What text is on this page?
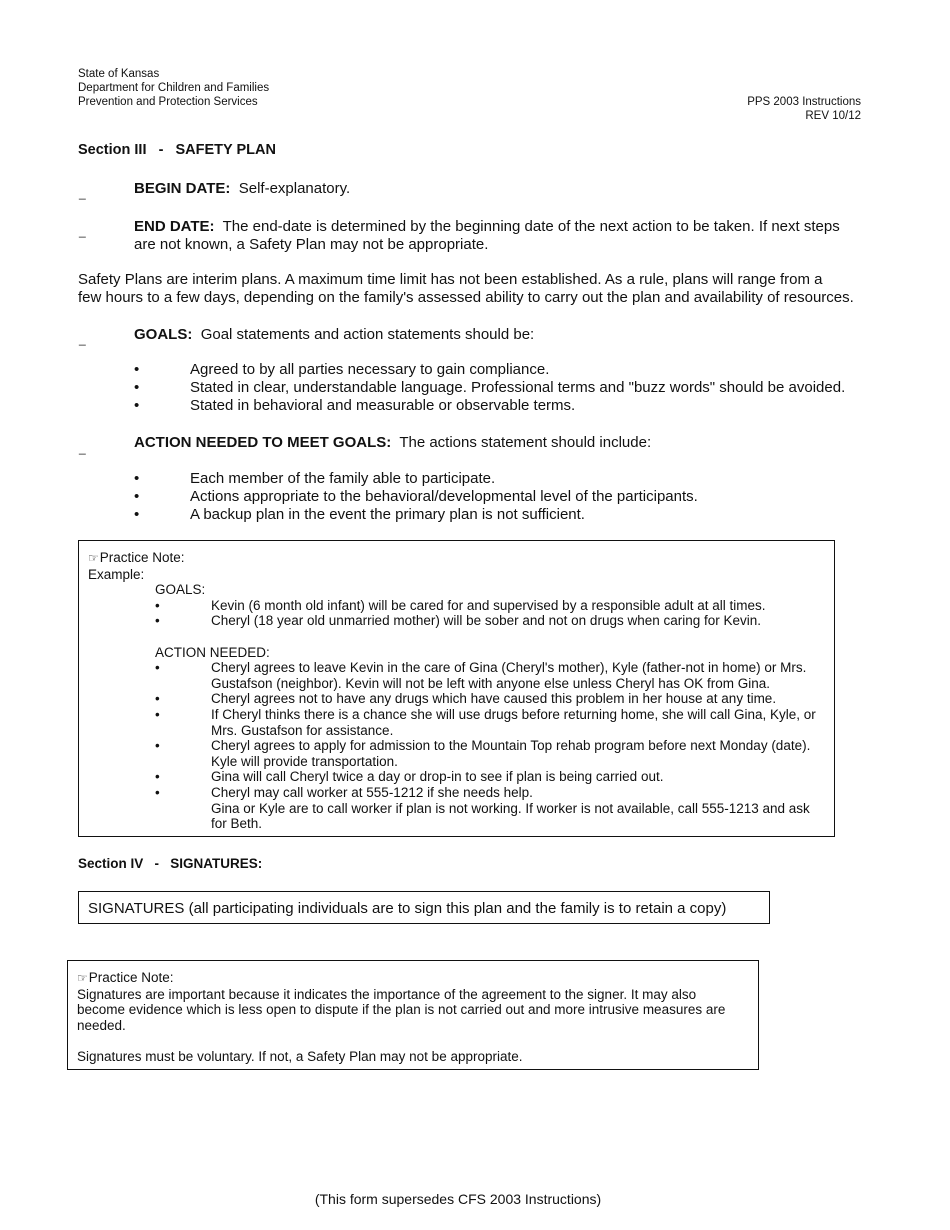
State of Kansas
Department for Children and Families
Prevention and Protection Services	PPS 2003 Instructions
REV 10/12
Section III   -   SAFETY PLAN
_	BEGIN DATE: Self-explanatory.
_	END DATE: The end-date is determined by the beginning date of the next action to be taken. If next steps
are not known, a Safety Plan may not be appropriate.
Safety Plans are interim plans. A maximum time limit has not been established. As a rule, plans will range from a
few hours to a few days, depending on the family's assessed ability to carry out the plan and availability of resources.
_	GOALS: Goal statements and action statements should be:
•	Agreed to by all parties necessary to gain compliance.
•	Stated in clear, understandable language. Professional terms and "buzz words" should be avoided.
•	Stated in behavioral and measurable or observable terms.
_	ACTION NEEDED TO MEET GOALS: The actions statement should include:
•	Each member of the family able to participate.
•	Actions appropriate to the behavioral/developmental level of the participants.
•	A backup plan in the event the primary plan is not sufficient.
☞Practice Note:
Example:
GOALS:
•	Kevin (6 month old infant) will be cared for and supervised by a responsible adult at all times.
•	Cheryl (18 year old unmarried mother) will be sober and not on drugs when caring for Kevin.
ACTION NEEDED:
•	Cheryl agrees to leave Kevin in the care of Gina (Cheryl's mother), Kyle (father-not in home) or Mrs.
Gustafson (neighbor). Kevin will not be left with anyone else unless Cheryl has OK from Gina.
•	Cheryl agrees not to have any drugs which have caused this problem in her house at any time.
•	If Cheryl thinks there is a chance she will use drugs before returning home, she will call Gina, Kyle, or
Mrs. Gustafson for assistance.
•	Cheryl agrees to apply for admission to the Mountain Top rehab program before next Monday (date).
Kyle will provide transportation.
•	Gina will call Cheryl twice a day or drop-in to see if plan is being carried out.
•	Cheryl may call worker at 555-1212 if she needs help.
Gina or Kyle are to call worker if plan is not working. If worker is not available, call 555-1213 and ask
for Beth.
Section IV   -   SIGNATURES:
SIGNATURES (all participating individuals are to sign this plan and the family is to retain a copy)
☞Practice Note:
Signatures are important because it indicates the importance of the agreement to the signer. It may also
become evidence which is less open to dispute if the plan is not carried out and more intrusive measures are
needed.
Signatures must be voluntary. If not, a Safety Plan may not be appropriate.
(This form supersedes CFS 2003 Instructions)
